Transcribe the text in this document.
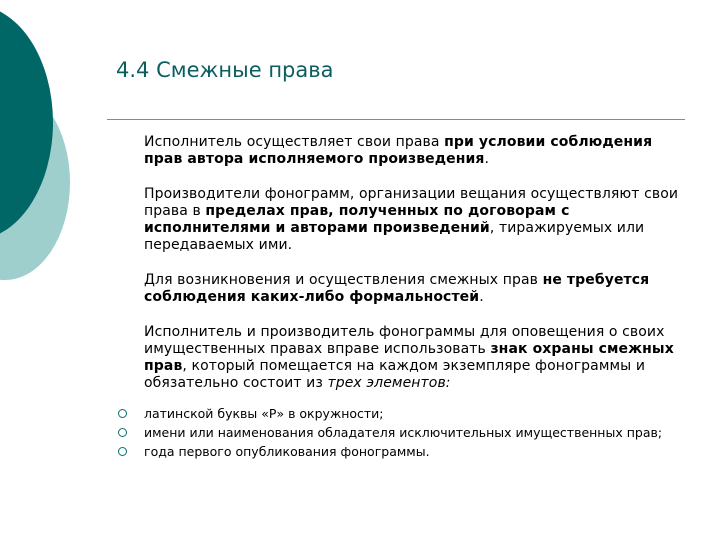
4.4 Смежные права

Исполнитель осуществляет свои права при условии соблюдения прав автора исполняемого произведения.

Производители фонограмм, организации вещания осуществляют свои права в пределах прав, полученных по договорам с исполнителями и авторами произведений, тиражируемых или передаваемых ими.

Для возникновения и осуществления смежных прав не требуется соблюдения каких-либо формальностей.

Исполнитель и производитель фонограммы для оповещения о своих имущественных правах вправе использовать знак охраны смежных прав, который помещается на каждом экземпляре фонограммы и обязательно состоит из трех элементов:

латинской буквы «Р» в окружности;
имени или наименования обладателя исключительных имущественных прав;
года первого опубликования фонограммы.
